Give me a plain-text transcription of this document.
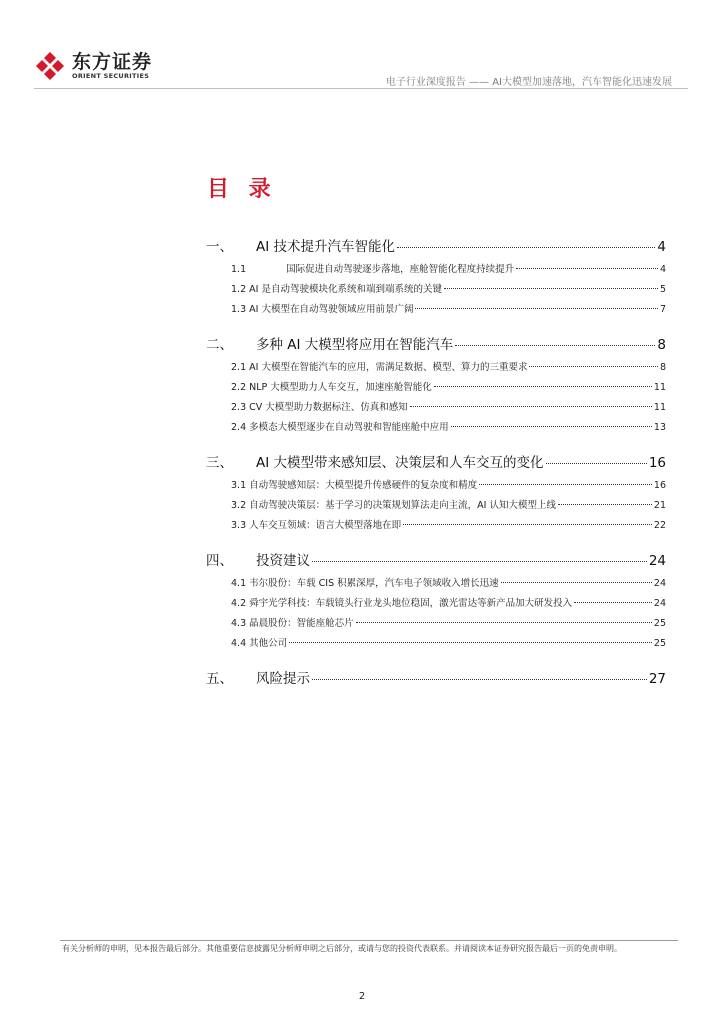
东方证券
ORIENT SECURITIES
电子行业深度报告 —— AI大模型加速落地，汽车智能化迅速发展
目 录
一、	AI 技术提升汽车智能化	4
1.1	国际促进自动驾驶逐步落地，座舱智能化程度持续提升	4
1.2 AI 是自动驾驶模块化系统和端到端系统的关键	5
1.3 AI 大模型在自动驾驶领域应用前景广阔	7
二、	多种 AI 大模型将应用在智能汽车	8
2.1 AI 大模型在智能汽车的应用，需满足数据、模型、算力的三重要求	8
2.2 NLP 大模型助力人车交互，加速座舱智能化	11
2.3 CV 大模型助力数据标注、仿真和感知	11
2.4 多模态大模型逐步在自动驾驶和智能座舱中应用	13
三、	AI 大模型带来感知层、决策层和人车交互的变化	16
3.1 自动驾驶感知层：大模型提升传感硬件的复杂度和精度	16
3.2 自动驾驶决策层：基于学习的决策规划算法走向主流，AI 认知大模型上线	21
3.3 人车交互领域：语言大模型落地在即	22
四、	投资建议	24
4.1 韦尔股份：车载 CIS 积累深厚，汽车电子领域收入增长迅速	24
4.2 舜宇光学科技：车载镜头行业龙头地位稳固，激光雷达等新产品加大研发投入	24
4.3 晶晨股份：智能座舱芯片	25
4.4 其他公司	25
五、	风险提示	27
有关分析师的申明，见本报告最后部分。其他重要信息披露见分析师申明之后部分，或请与您的投资代表联系。并请阅读本证券研究报告最后一页的免责申明。
2
